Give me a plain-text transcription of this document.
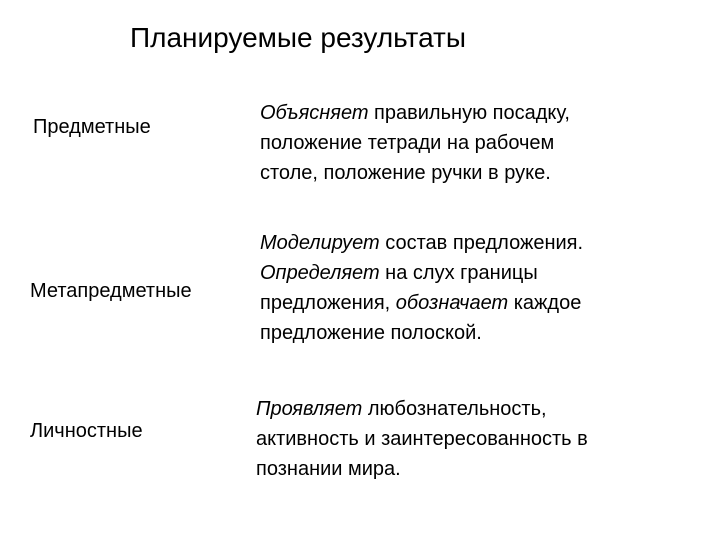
Планируемые результаты
Предметные
Объясняет правильную посадку,
положение тетради на рабочем
столе, положение ручки в руке.
Метапредметные
Моделирует состав предложения.
Определяет на слух границы
предложения, обозначает каждое
предложение полоской.
Личностные
Проявляет любознательность,
активность и заинтересованность в
познании мира.
